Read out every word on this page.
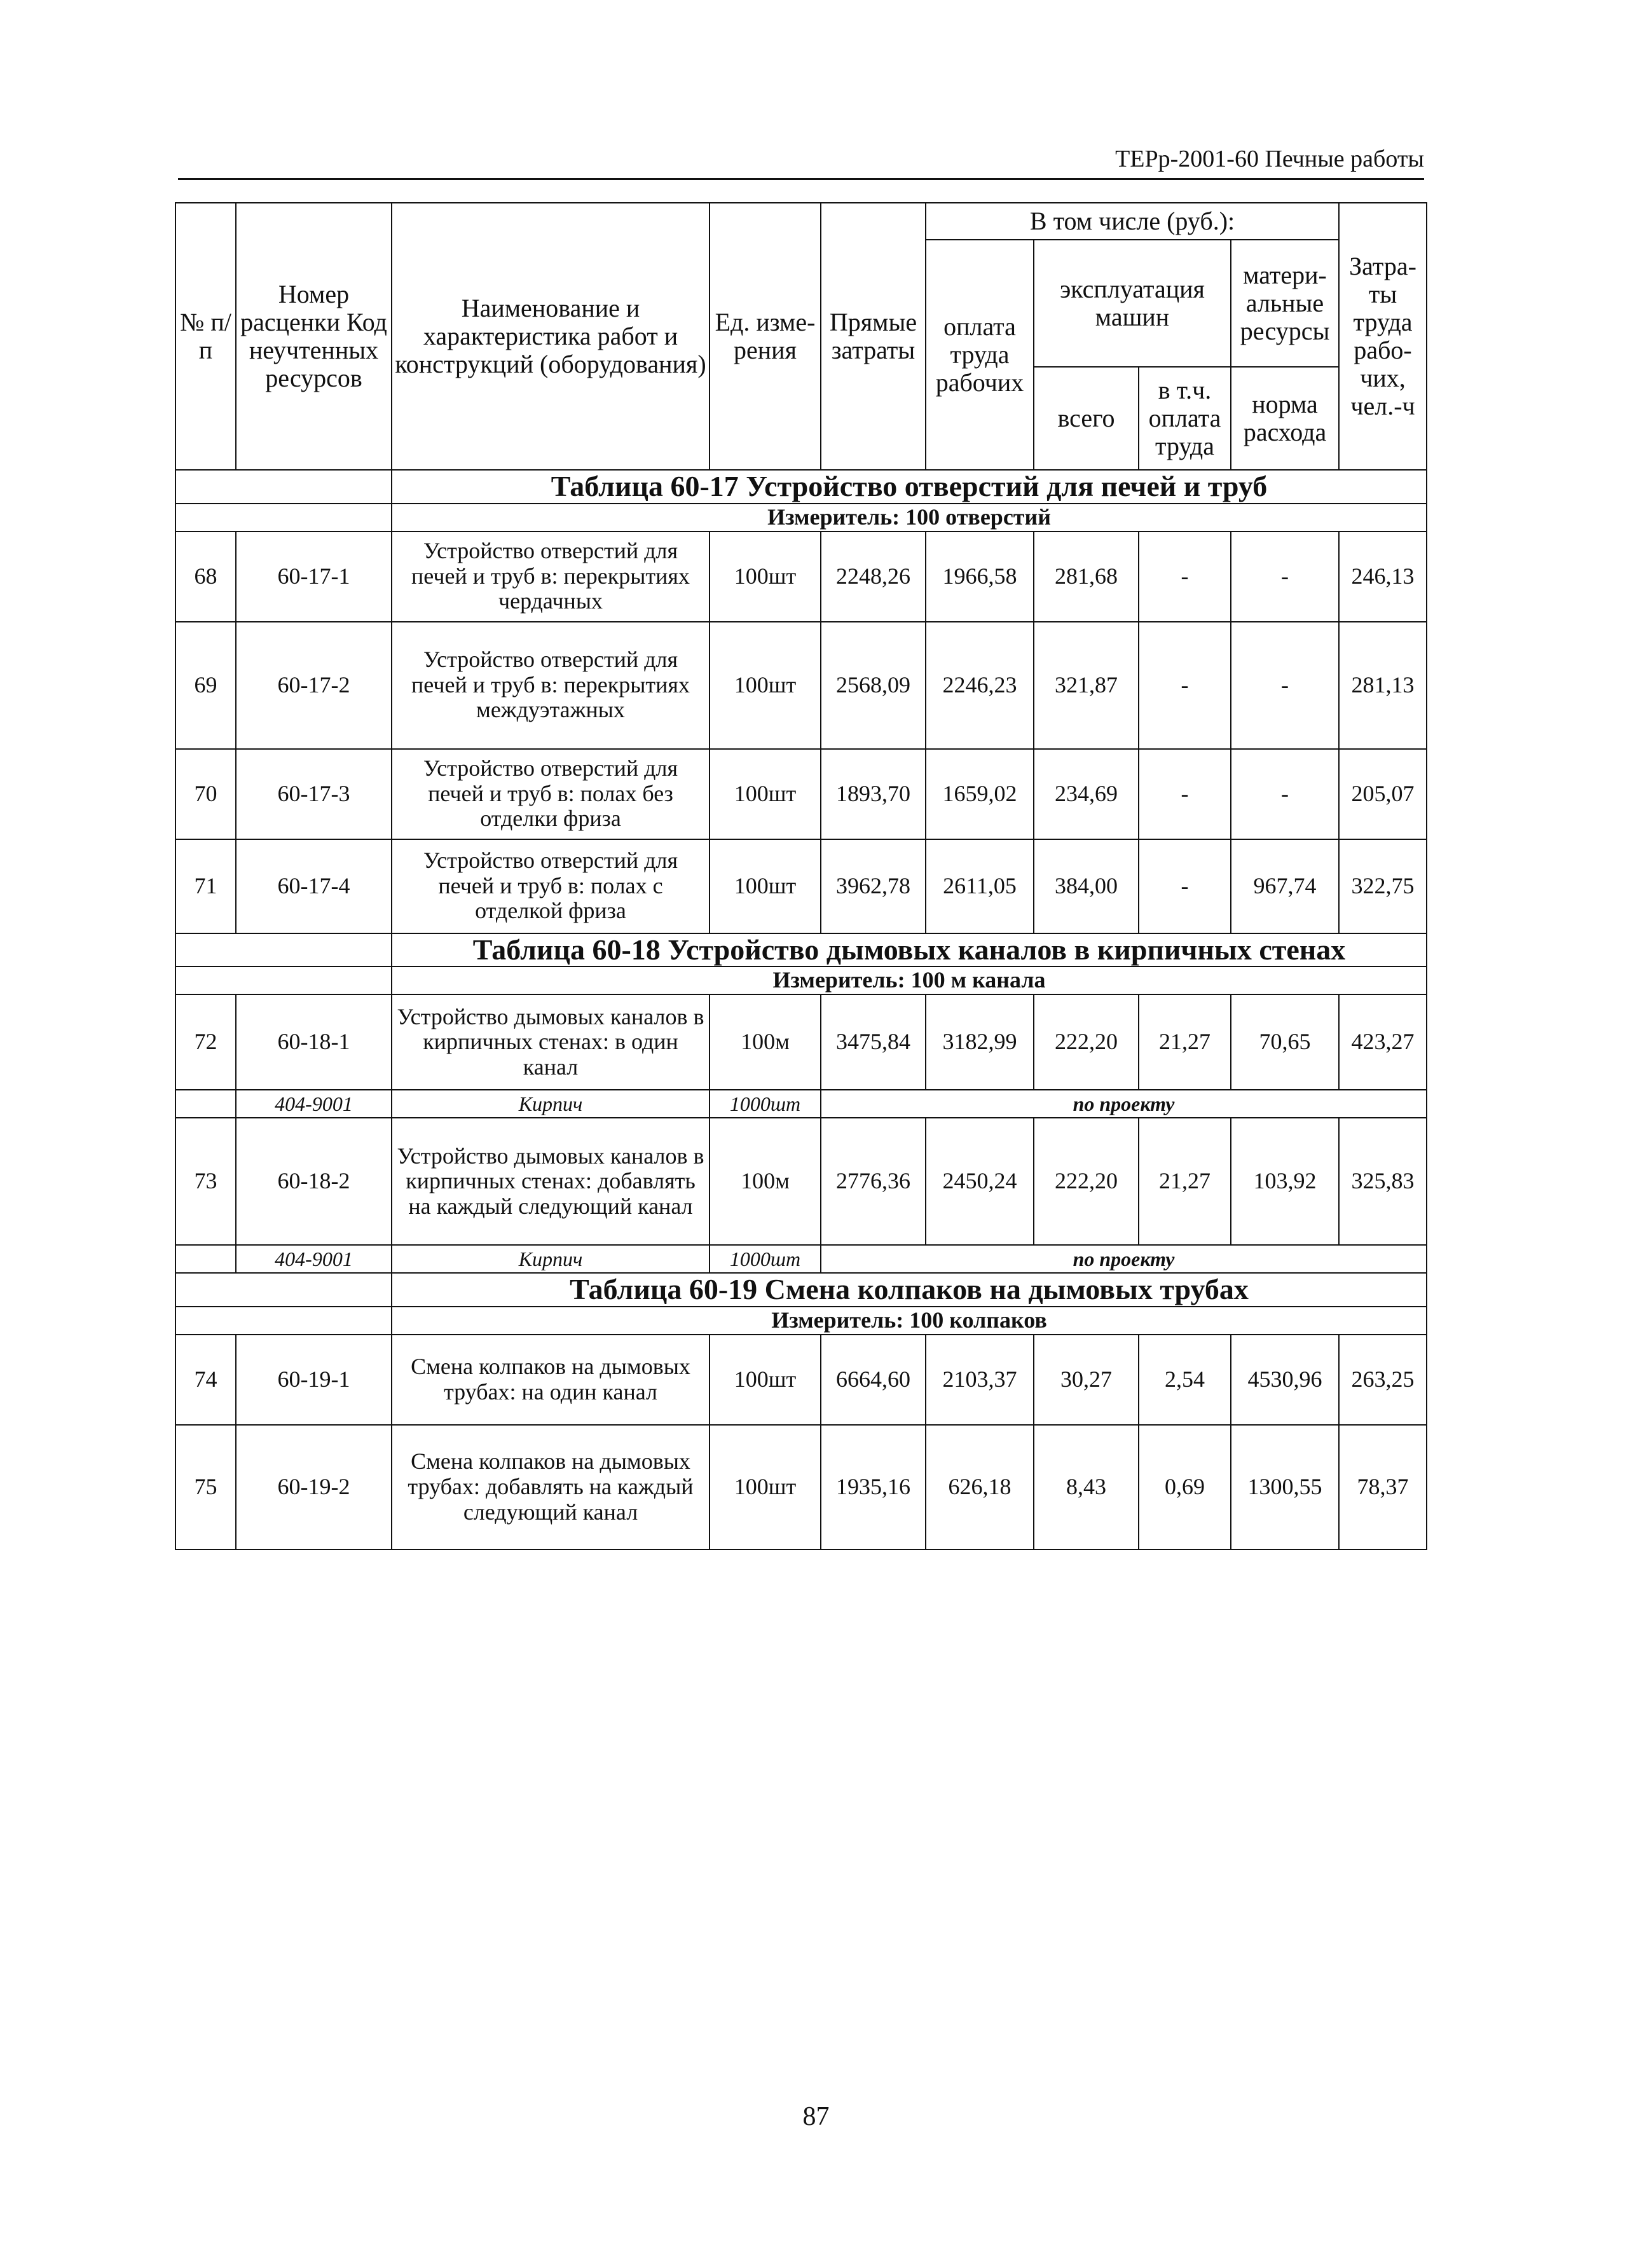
ТЕРр-2001-60 Печные работы
№ п/п	Номер расценки Код неучтенных ресурсов	Наименование и характеристика работ и конструкций (оборудования)	Ед. изме-рения	Прямые затраты	В том числе (руб.):				Затра-ты труда рабо-чих, чел.-ч
					оплата труда рабочих	эксплуатация машин		матери-альные ресурсы	
						всего	в т.ч. оплата труда	норма расхода	
		Таблица 60-17 Устройство отверстий для печей и труб							
		Измеритель: 100 отверстий							
68	60-17-1	Устройство отверстий для печей и труб в: перекрытиях чердачных	100шт	2248,26	1966,58	281,68	-	-	246,13
69	60-17-2	Устройство отверстий для печей и труб в: перекрытиях междуэтажных	100шт	2568,09	2246,23	321,87	-	-	281,13
70	60-17-3	Устройство отверстий для печей и труб в: полах без отделки фриза	100шт	1893,70	1659,02	234,69	-	-	205,07
71	60-17-4	Устройство отверстий для печей и труб в: полах с отделкой фриза	100шт	3962,78	2611,05	384,00	-	967,74	322,75
		Таблица 60-18 Устройство дымовых каналов в кирпичных стенах							
		Измеритель: 100 м канала							
72	60-18-1	Устройство дымовых каналов в кирпичных стенах: в один канал	100м	3475,84	3182,99	222,20	21,27	70,65	423,27
	404-9001	Кирпич	1000шт	по проекту					
73	60-18-2	Устройство дымовых каналов в кирпичных стенах: добавлять на каждый следующий канал	100м	2776,36	2450,24	222,20	21,27	103,92	325,83
	404-9001	Кирпич	1000шт	по проекту					
		Таблица 60-19 Смена колпаков на дымовых трубах							
		Измеритель: 100 колпаков							
74	60-19-1	Смена колпаков на дымовых трубах: на один канал	100шт	6664,60	2103,37	30,27	2,54	4530,96	263,25
75	60-19-2	Смена колпаков на дымовых трубах: добавлять на каждый следующий канал	100шт	1935,16	626,18	8,43	0,69	1300,55	78,37
87
